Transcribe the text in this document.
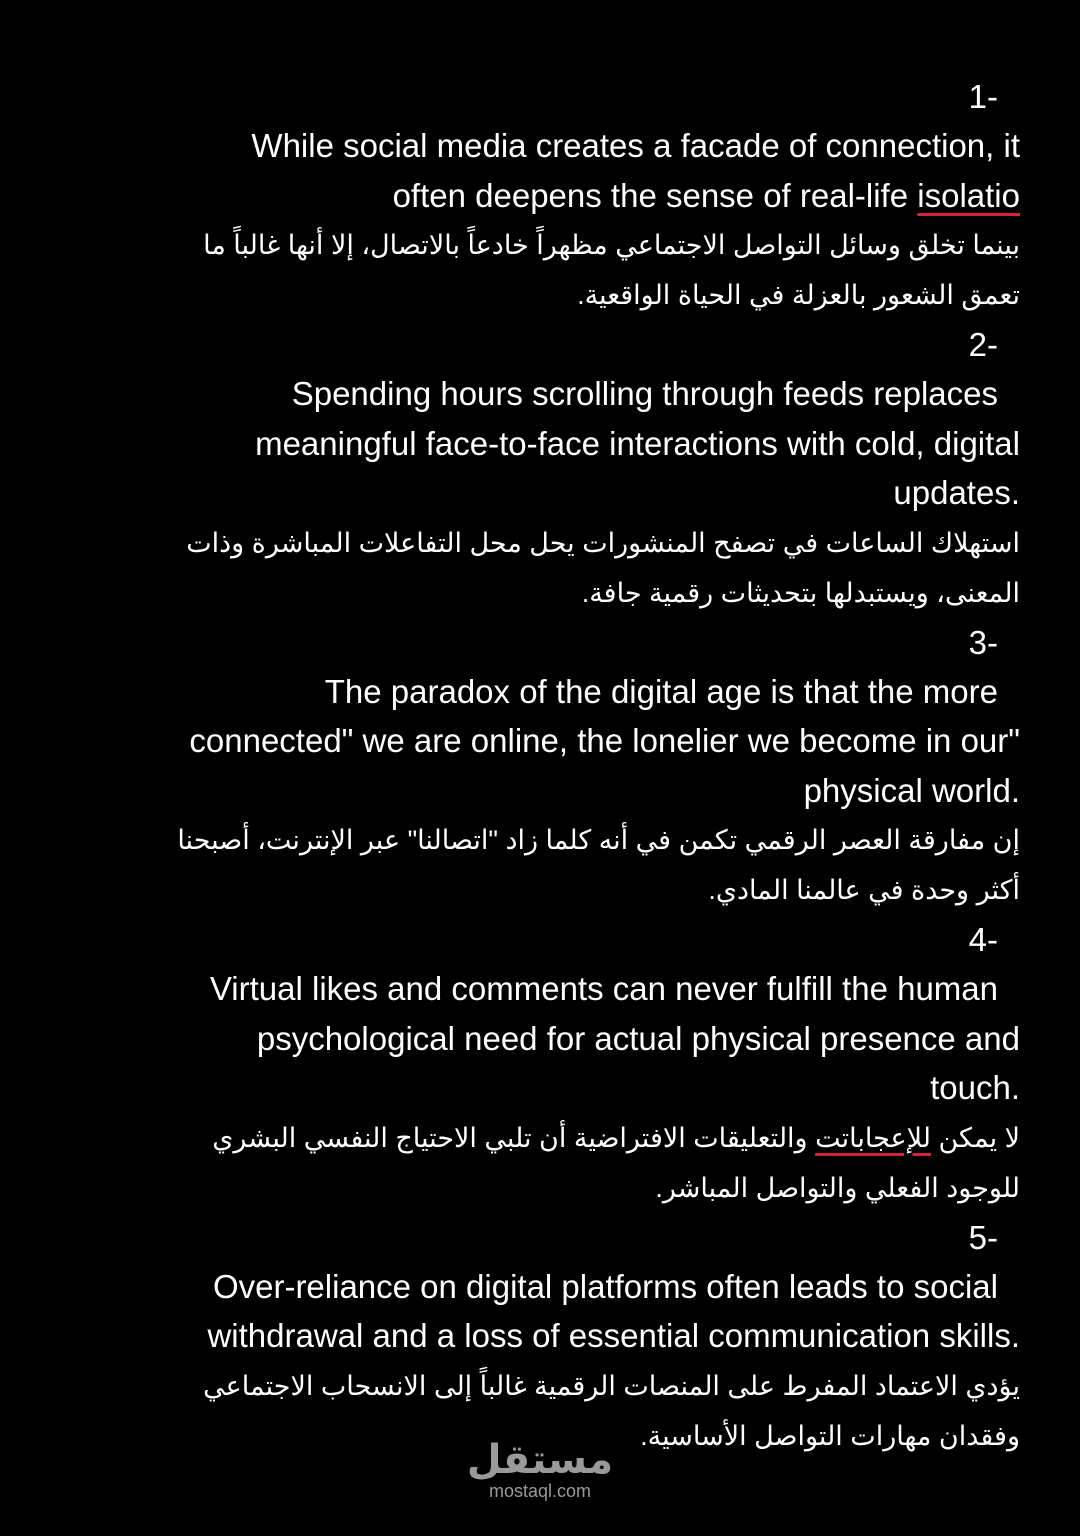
-1
While social media creates a facade of connection, it
often deepens the sense of real-life isolatio
بينما تخلق وسائل التواصل الاجتماعي مظهراً خادعاً بالاتصال، إلا أنها غالباً ما
تعمق الشعور بالعزلة في الحياة الواقعية.
-2
Spending hours scrolling through feeds replaces
meaningful face-to-face interactions with cold, digital
.updates
استهلاك الساعات في تصفح المنشورات يحل محل التفاعلات المباشرة وذات
المعنى، ويستبدلها بتحديثات رقمية جافة.
-3
The paradox of the digital age is that the more
"connected" we are online, the lonelier we become in our
.physical world
إن مفارقة العصر الرقمي تكمن في أنه كلما زاد "اتصالنا" عبر الإنترنت، أصبحنا
أكثر وحدة في عالمنا المادي.
-4
Virtual likes and comments can never fulfill the human
psychological need for actual physical presence and
.touch
لا يمكن للإعجاباتت والتعليقات الافتراضية أن تلبي الاحتياج النفسي البشري
للوجود الفعلي والتواصل المباشر.
-5
Over-reliance on digital platforms often leads to social
.withdrawal and a loss of essential communication skills
يؤدي الاعتماد المفرط على المنصات الرقمية غالباً إلى الانسحاب الاجتماعي
وفقدان مهارات التواصل الأساسية.
مستقل
mostaql.com
